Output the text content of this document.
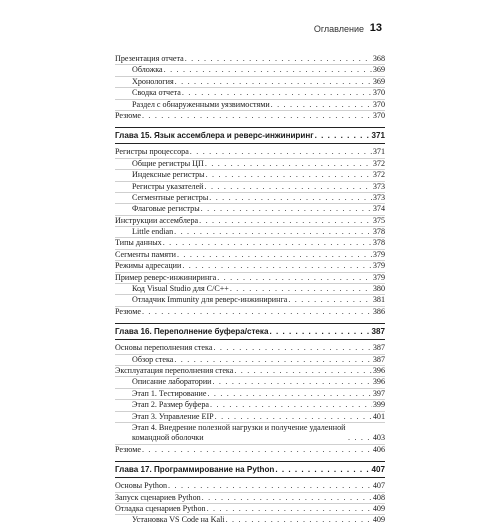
Оглавление 13
Презентация отчета . . .	368
Обложка . . .	369
Хронология . . .	369
Сводка отчета . . .	370
Раздел с обнаруженными уязвимостями . . .	370
Резюме . . .	370
Глава 15. Язык ассемблера и реверс-инжиниринг . . .	371
Регистры процессора . . .	371
Общие регистры ЦП . . .	372
Индексные регистры . . .	372
Регистры указателей . . .	373
Сегментные регистры . . .	373
Флаговые регистры . . .	374
Инструкции ассемблера . . .	375
Little endian . . .	378
Типы данных . . .	378
Сегменты памяти . . .	379
Режимы адресации . . .	379
Пример реверс-инжиниринга . . .	379
Код Visual Studio для C/C++ . . .	380
Отладчик Immunity для реверс-инжиниринга . . .	381
Резюме . . .	386
Глава 16. Переполнение буфера/стека . . .	387
Основы переполнения стека . . .	387
Обзор стека . . .	387
Эксплуатация переполнения стека . . .	396
Описание лаборатории . . .	396
Этап 1. Тестирование . . .	397
Этап 2. Размер буфера . . .	399
Этап 3. Управление EIP . . .	401
Этап 4. Внедрение полезной нагрузки и получение удаленной командной оболочки . . .	403
Резюме . . .	406
Глава 17. Программирование на Python . . .	407
Основы Python . . .	407
Запуск сценариев Python . . .	408
Отладка сценариев Python . . .	409
Установка VS Code на Kali . . .	409
